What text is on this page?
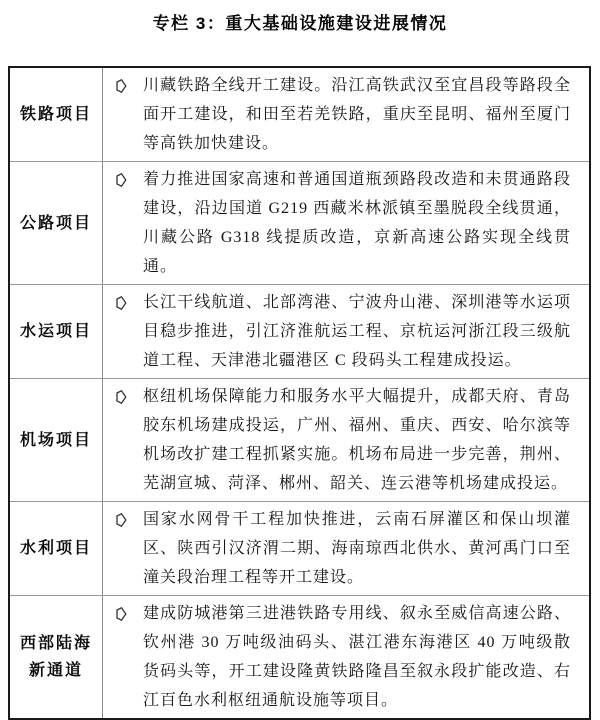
专栏 3：重大基础设施建设进展情况
铁路项目
川藏铁路全线开工建设。沿江高铁武汉至宜昌段等路段全面开工建设，和田至若羌铁路，重庆至昆明、福州至厦门等高铁加快建设。
公路项目
着力推进国家高速和普通国道瓶颈路段改造和未贯通路段建设，沿边国道 G219 西藏米林派镇至墨脱段全线贯通，川藏公路 G318 线提质改造，京新高速公路实现全线贯通。
水运项目
长江干线航道、北部湾港、宁波舟山港、深圳港等水运项目稳步推进，引江济淮航运工程、京杭运河浙江段三级航道工程、天津港北疆港区 C 段码头工程建成投运。
机场项目
枢纽机场保障能力和服务水平大幅提升，成都天府、青岛胶东机场建成投运，广州、福州、重庆、西安、哈尔滨等机场改扩建工程抓紧实施。机场布局进一步完善，荆州、芜湖宣城、菏泽、郴州、韶关、连云港等机场建成投运。
水利项目
国家水网骨干工程加快推进，云南石屏灌区和保山坝灌区、陕西引汉济渭二期、海南琼西北供水、黄河禹门口至潼关段治理工程等开工建设。
西部陆海新通道
建成防城港第三进港铁路专用线、叙永至威信高速公路、钦州港 30 万吨级油码头、湛江港东海港区 40 万吨级散货码头等，开工建设隆黄铁路隆昌至叙永段扩能改造、右江百色水利枢纽通航设施等项目。
